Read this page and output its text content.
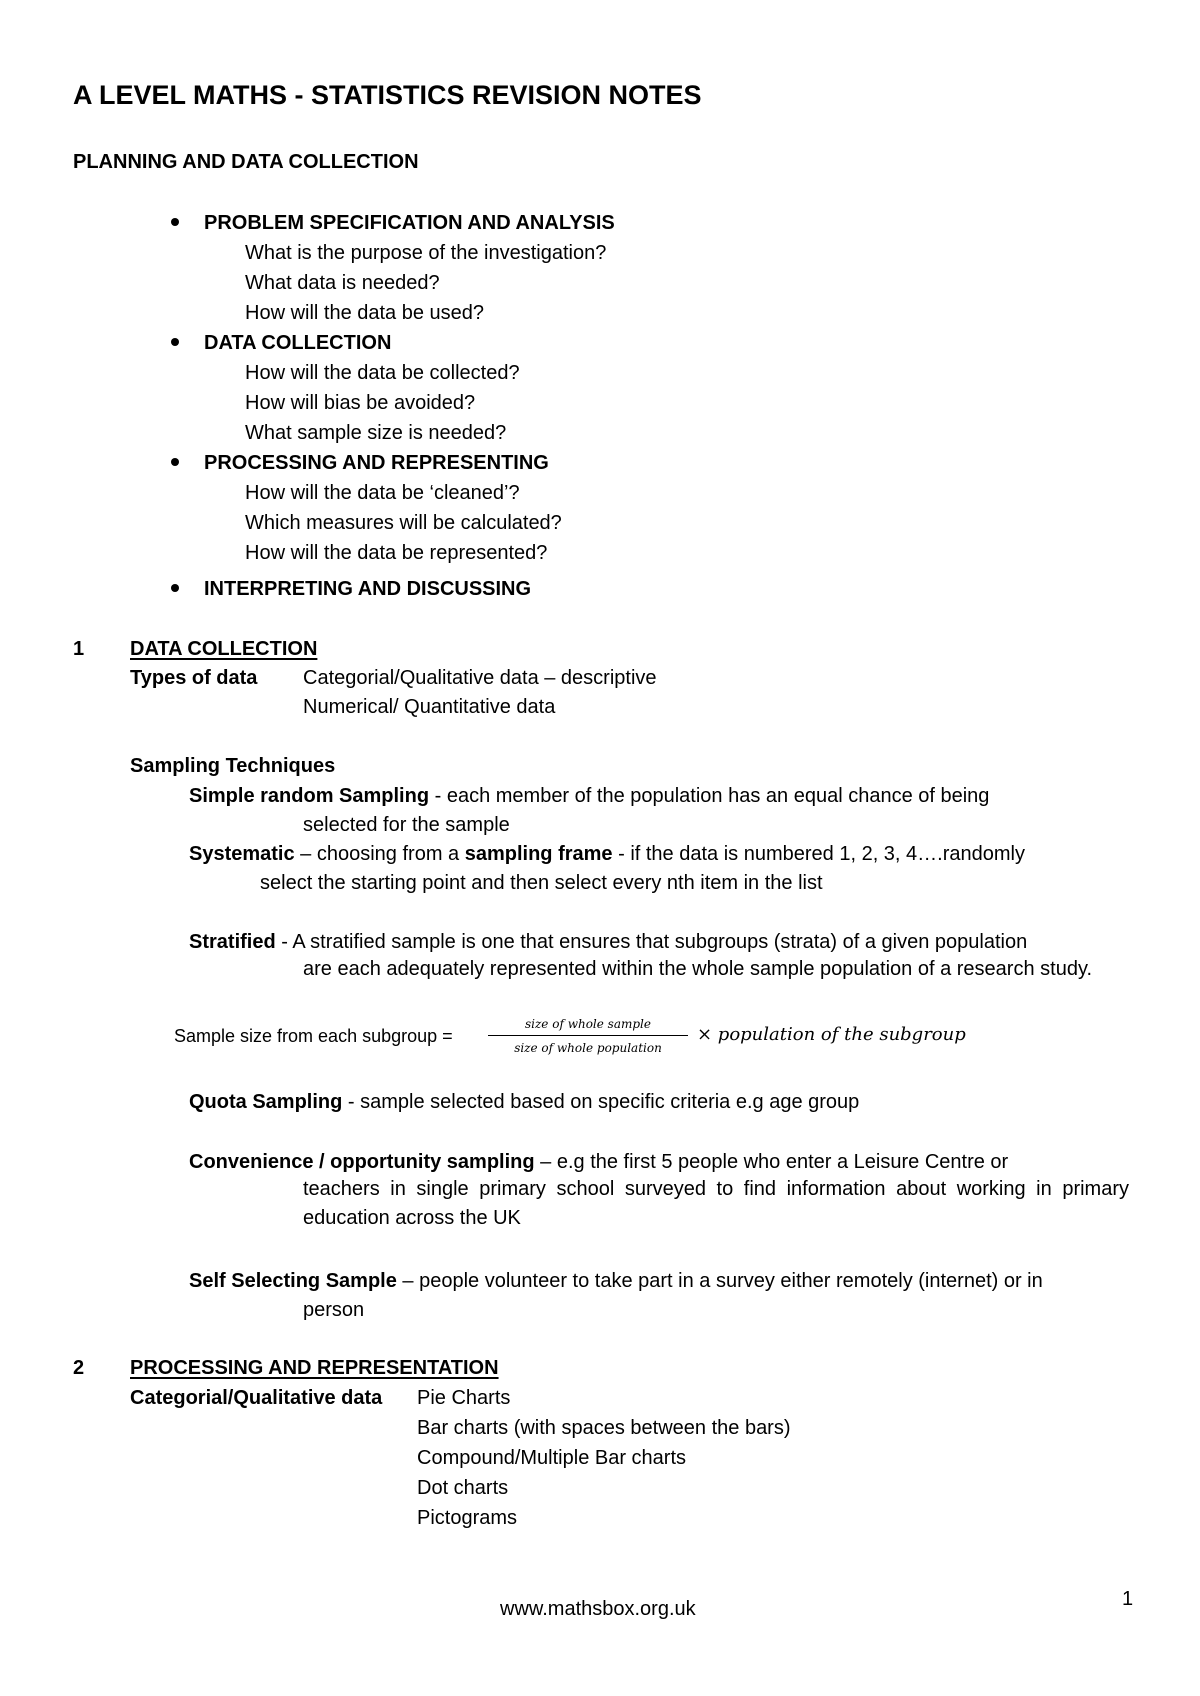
A LEVEL MATHS - STATISTICS REVISION NOTES
PLANNING AND DATA COLLECTION
PROBLEM SPECIFICATION AND ANALYSIS
What is the purpose of the investigation?
What data is needed?
How will the data be used?
DATA COLLECTION
How will the data be collected?
How will bias be avoided?
What sample size is needed?
PROCESSING AND REPRESENTING
How will the data be ‘cleaned’?
Which measures will be calculated?
How will the data be represented?
INTERPRETING AND DISCUSSING
1 DATA COLLECTION
Types of data Categorial/Qualitative data – descriptive
Numerical/ Quantitative data
Sampling Techniques
Simple random Sampling - each member of the population has an equal chance of being
selected for the sample
Systematic – choosing from a sampling frame - if the data is numbered 1, 2, 3, 4….randomly
select the starting point and then select every nth item in the list
Stratified - A stratified sample is one that ensures that subgroups (strata) of a given population
are each adequately represented within the whole sample population of a research study.
Sample size from each subgroup =
size of whole sample
size of whole population
× population of the subgroup
Quota Sampling - sample selected based on specific criteria e.g age group
Convenience / opportunity sampling – e.g the first 5 people who enter a Leisure Centre or
teachers in single primary school surveyed to find information about working in primary education across the UK
Self Selecting Sample – people volunteer to take part in a survey either remotely (internet) or in
person
2 PROCESSING AND REPRESENTATION
Categorial/Qualitative data Pie Charts
Bar charts (with spaces between the bars)
Compound/Multiple Bar charts
Dot charts
Pictograms
www.mathsbox.org.uk	1
